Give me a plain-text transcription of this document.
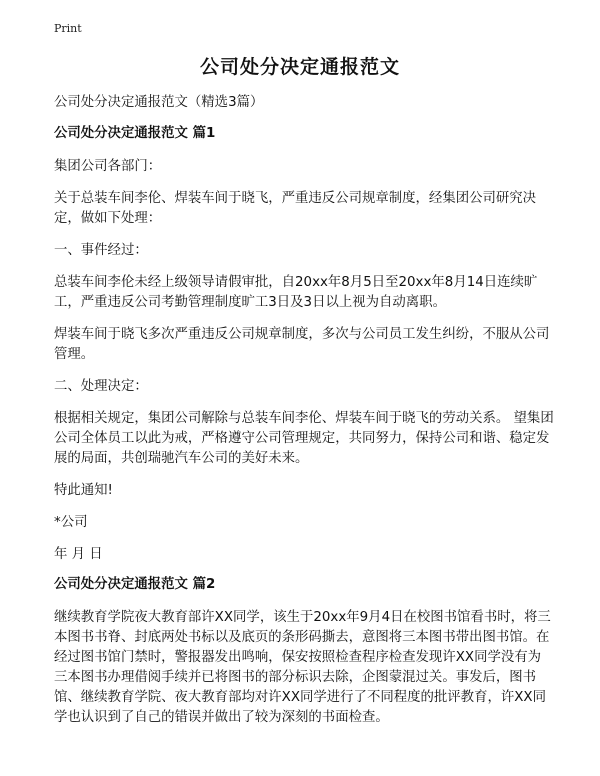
Print
公司处分决定通报范文

公司处分决定通报范文（精选3篇）

公司处分决定通报范文 篇1

集团公司各部门：

关于总装车间李伦、焊装车间于晓飞，严重违反公司规章制度，经集团公司研究决定，做如下处理：

一、事件经过：

总装车间李伦未经上级领导请假审批，自20xx年8月5日至20xx年8月14日连续旷工，严重违反公司考勤管理制度旷工3日及3日以上视为自动离职。

焊装车间于晓飞多次严重违反公司规章制度，多次与公司员工发生纠纷，不服从公司管理。

二、处理决定：

根据相关规定，集团公司解除与总装车间李伦、焊装车间于晓飞的劳动关系。 望集团公司全体员工以此为戒，严格遵守公司管理规定，共同努力，保持公司和谐、稳定发展的局面，共创瑞驰汽车公司的美好未来。

特此通知!

*公司

年 月 日

公司处分决定通报范文 篇2

继续教育学院夜大教育部许XX同学，该生于20xx年9月4日在校图书馆看书时，将三本图书书脊、封底两处书标以及底页的条形码撕去，意图将三本图书带出图书馆。在经过图书馆门禁时，警报器发出鸣响，保安按照检查程序检查发现许XX同学没有为三本图书办理借阅手续并已将图书的部分标识去除，企图蒙混过关。事发后，图书馆、继续教育学院、夜大教育部均对许XX同学进行了不同程度的批评教育，许XX同学也认识到了自己的错误并做出了较为深刻的书面检查。
